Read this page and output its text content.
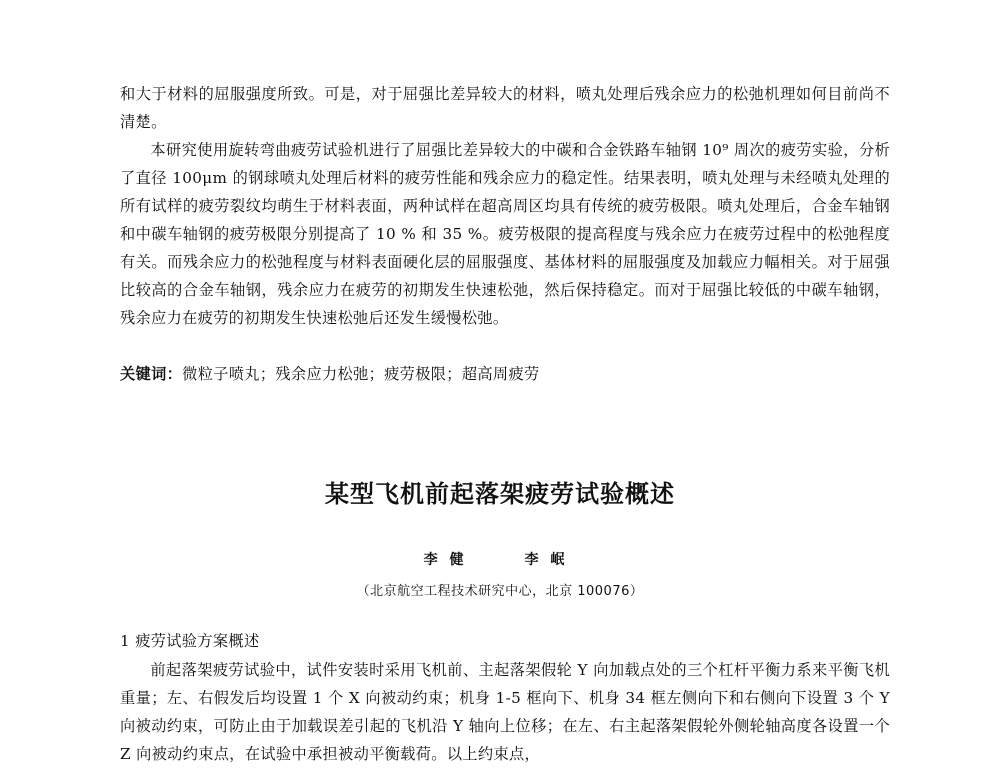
和大于材料的屈服强度所致。可是，对于屈强比差异较大的材料，喷丸处理后残余应力的松弛机理如何目前尚不清楚。

本研究使用旋转弯曲疲劳试验机进行了屈强比差异较大的中碳和合金铁路车轴钢 10⁹ 周次的疲劳实验，分析了直径 100μm 的钢球喷丸处理后材料的疲劳性能和残余应力的稳定性。结果表明，喷丸处理与未经喷丸处理的所有试样的疲劳裂纹均萌生于材料表面，两种试样在超高周区均具有传统的疲劳极限。喷丸处理后，合金车轴钢和中碳车轴钢的疲劳极限分别提高了 10 % 和 35 %。疲劳极限的提高程度与残余应力在疲劳过程中的松弛程度有关。而残余应力的松弛程度与材料表面硬化层的屈服强度、基体材料的屈服强度及加载应力幅相关。对于屈强比较高的合金车轴钢，残余应力在疲劳的初期发生快速松弛，然后保持稳定。而对于屈强比较低的中碳车轴钢，残余应力在疲劳的初期发生快速松弛后还发生缓慢松弛。

关键词：微粒子喷丸；残余应力松弛；疲劳极限；超高周疲劳

某型飞机前起落架疲劳试验概述
李健	李岷
（北京航空工程技术研究中心，北京 100076）
1 疲劳试验方案概述

前起落架疲劳试验中，试件安装时采用飞机前、主起落架假轮 Y 向加载点处的三个杠杆平衡力系来平衡飞机重量；左、右假发后均设置 1 个 X 向被动约束；机身 1-5 框向下、机身 34 框左侧向下和右侧向下设置 3 个 Y 向被动约束，可防止由于加载误差引起的飞机沿 Y 轴向上位移；在左、右主起落架假轮外侧轮轴高度各设置一个 Z 向被动约束点，在试验中承担被动平衡载荷。以上约束点，
